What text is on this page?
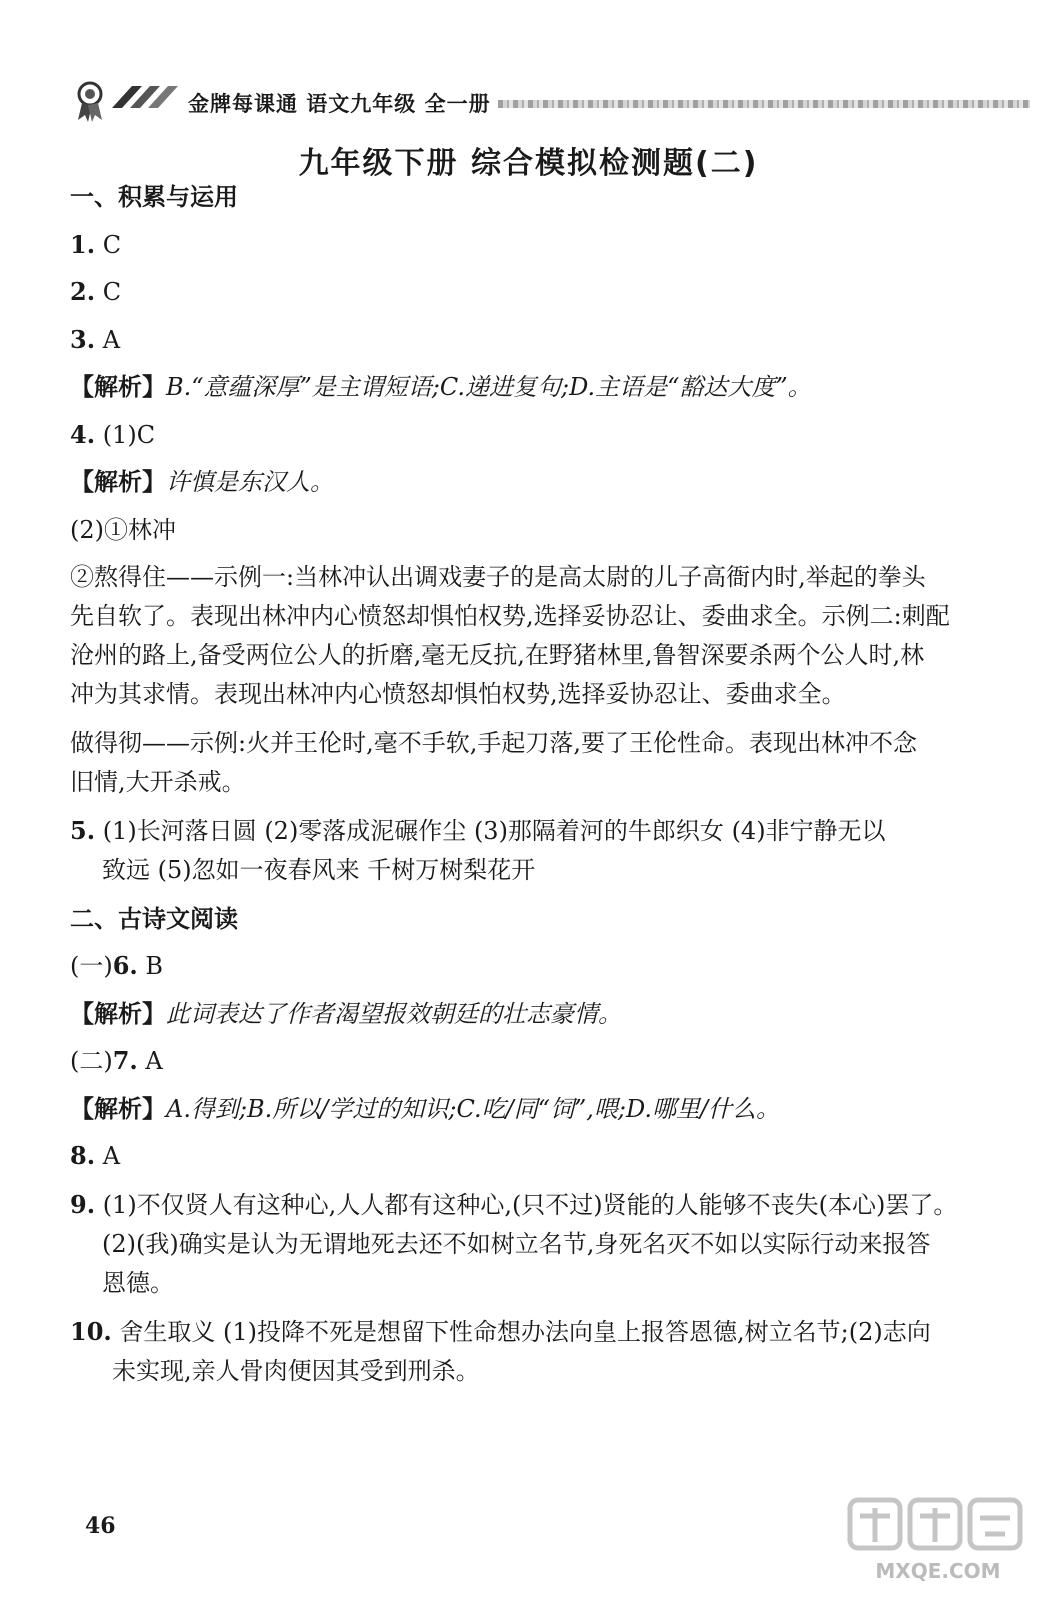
金牌每课通 语文九年级 全一册
九年级下册 综合模拟检测题(二)
一、积累与运用
1. C
2. C
3. A
【解析】B.“意蕴深厚”是主谓短语;C.递进复句;D.主语是“豁达大度”。
4. (1)C
【解析】许慎是东汉人。
(2)①林冲
②熬得住——示例一:当林冲认出调戏妻子的是高太尉的儿子高衙内时,举起的拳头
先自软了。表现出林冲内心愤怒却惧怕权势,选择妥协忍让、委曲求全。示例二:刺配
沧州的路上,备受两位公人的折磨,毫无反抗,在野猪林里,鲁智深要杀两个公人时,林
冲为其求情。表现出林冲内心愤怒却惧怕权势,选择妥协忍让、委曲求全。
做得彻——示例:火并王伦时,毫不手软,手起刀落,要了王伦性命。表现出林冲不念
旧情,大开杀戒。
5. (1)长河落日圆 (2)零落成泥碾作尘 (3)那隔着河的牛郎织女 (4)非宁静无以
致远 (5)忽如一夜春风来 千树万树梨花开
二、古诗文阅读
(一)6. B
【解析】此词表达了作者渴望报效朝廷的壮志豪情。
(二)7. A
【解析】A.得到;B.所以/学过的知识;C.吃/同“饲”,喂;D.哪里/什么。
8. A
9. (1)不仅贤人有这种心,人人都有这种心,(只不过)贤能的人能够不丧失(本心)罢了。
(2)(我)确实是认为无谓地死去还不如树立名节,身死名灭不如以实际行动来报答
恩德。
10. 舍生取义 (1)投降不死是想留下性命想办法向皇上报答恩德,树立名节;(2)志向
未实现,亲人骨肉便因其受到刑杀。
46
MXQE.COM
